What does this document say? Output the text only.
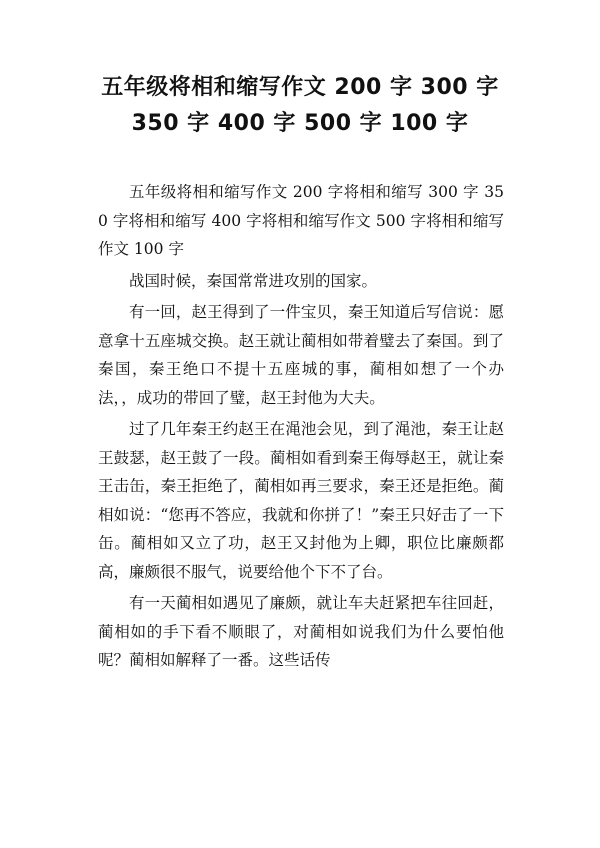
五年级将相和缩写作文 200 字 300 字
350 字 400 字 500 字 100 字

五年级将相和缩写作文 200 字将相和缩写 300 字 350 字将相和缩写 400 字将相和缩写作文 500 字将相和缩写作文 100 字

战国时候，秦国常常进攻别的国家。

有一回，赵王得到了一件宝贝，秦王知道后写信说：愿意拿十五座城交换。赵王就让蔺相如带着璧去了秦国。到了秦国，秦王绝口不提十五座城的事，蔺相如想了一个办法，，成功的带回了璧，赵王封他为大夫。

过了几年秦王约赵王在渑池会见，到了渑池，秦王让赵王鼓瑟，赵王鼓了一段。蔺相如看到秦王侮辱赵王，就让秦王击缶，秦王拒绝了，蔺相如再三要求，秦王还是拒绝。蔺相如说：“您再不答应，我就和你拼了！”秦王只好击了一下缶。蔺相如又立了功，赵王又封他为上卿，职位比廉颇都高，廉颇很不服气，说要给他个下不了台。

有一天蔺相如遇见了廉颇，就让车夫赶紧把车往回赶，蔺相如的手下看不顺眼了，对蔺相如说我们为什么要怕他呢？蔺相如解释了一番。这些话传
